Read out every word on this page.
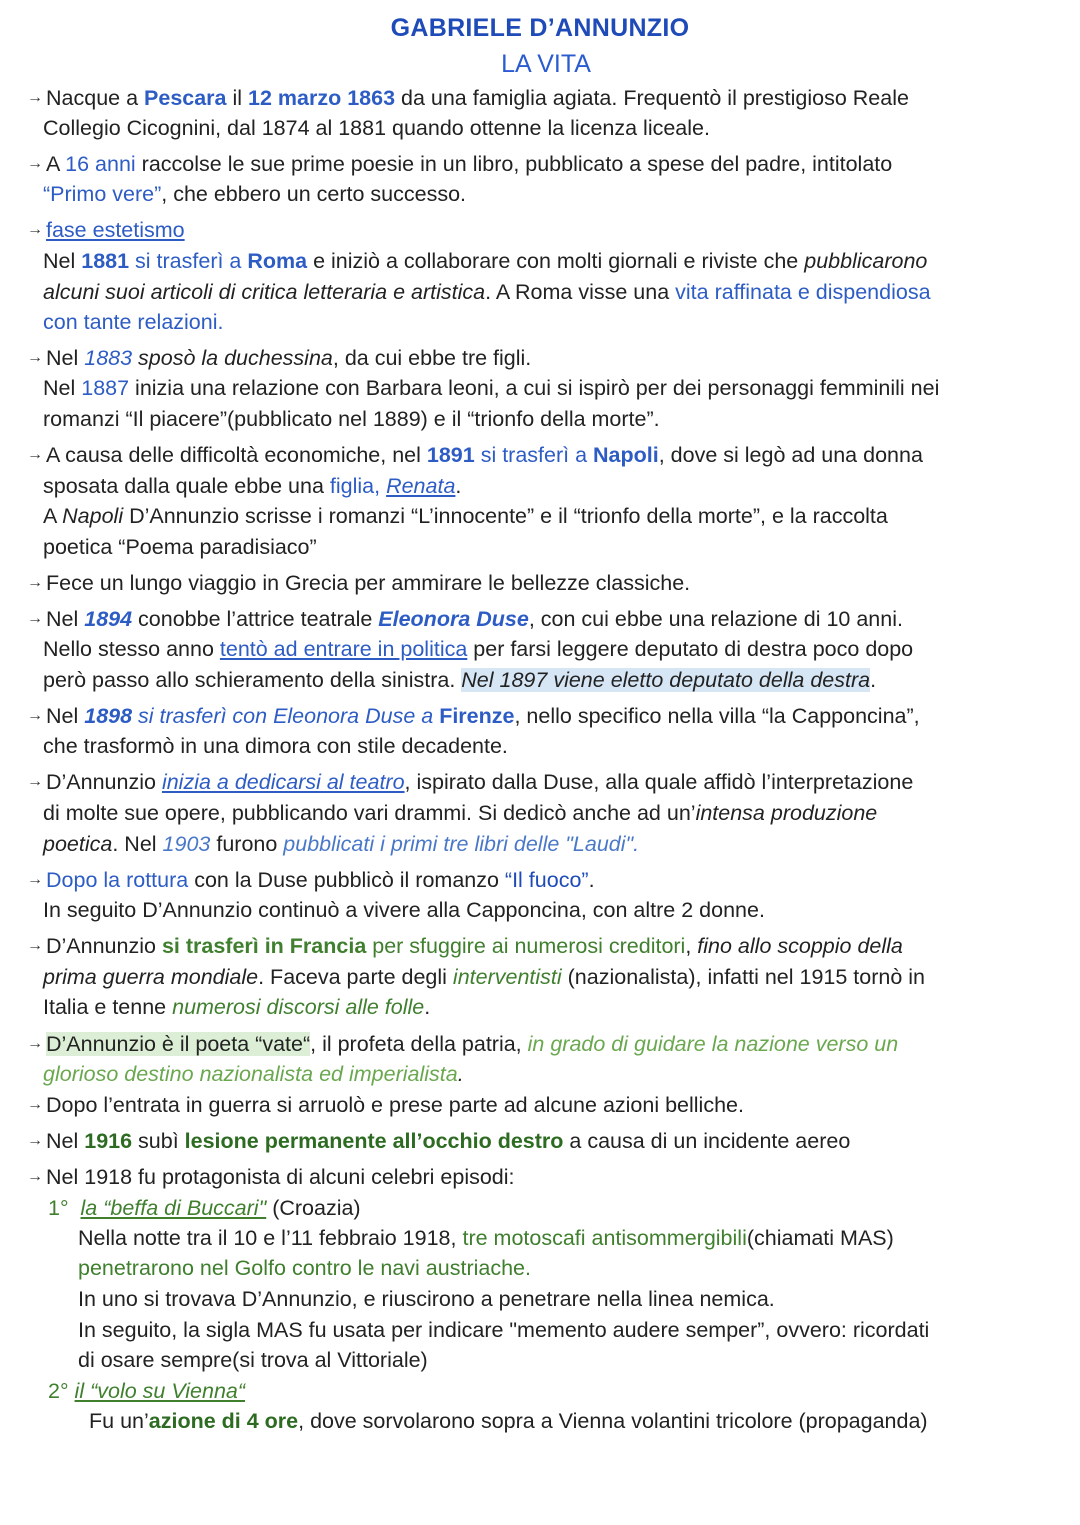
GABRIELE D’ANNUNZIO
LA VITA
→ Nacque a Pescara il 12 marzo 1863 da una famiglia agiata. Frequentò il prestigioso Reale
Collegio Cicognini, dal 1874 al 1881 quando ottenne la licenza liceale.
→ A 16 anni raccolse le sue prime poesie in un libro, pubblicato a spese del padre, intitolato
“Primo vere”, che ebbero un certo successo.
→ fase estetismo
Nel 1881 si trasferì a Roma e iniziò a collaborare con molti giornali e riviste che pubblicarono
alcuni suoi articoli di critica letteraria e artistica. A Roma visse una vita raffinata e dispendiosa
con tante relazioni.
→ Nel 1883 sposò la duchessina, da cui ebbe tre figli.
Nel 1887 inizia una relazione con Barbara leoni, a cui si ispirò per dei personaggi femminili nei
romanzi “Il piacere”(pubblicato nel 1889) e il “trionfo della morte”.
→ A causa delle difficoltà economiche, nel 1891 si trasferì a Napoli, dove si legò ad una donna
sposata dalla quale ebbe una figlia, Renata.
A Napoli D’Annunzio scrisse i romanzi “L’innocente” e il “trionfo della morte”, e la raccolta
poetica “Poema paradisiaco”
→ Fece un lungo viaggio in Grecia per ammirare le bellezze classiche.
→ Nel 1894 conobbe l’attrice teatrale Eleonora Duse, con cui ebbe una relazione di 10 anni.
Nello stesso anno tentò ad entrare in politica per farsi leggere deputato di destra poco dopo
però passo allo schieramento della sinistra. Nel 1897 viene eletto deputato della destra.
→ Nel 1898 si trasferì con Eleonora Duse a Firenze, nello specifico nella villa “la Capponcina”,
che trasformò in una dimora con stile decadente.
→ D’Annunzio inizia a dedicarsi al teatro, ispirato dalla Duse, alla quale affidò l’interpretazione
di molte sue opere, pubblicando vari drammi. Si dedicò anche ad un’intensa produzione
poetica. Nel 1903 furono pubblicati i primi tre libri delle "Laudi".
→ Dopo la rottura con la Duse pubblicò il romanzo “Il fuoco”.
In seguito D’Annunzio continuò a vivere alla Capponcina, con altre 2 donne.
→ D’Annunzio si trasferì in Francia per sfuggire ai numerosi creditori, fino allo scoppio della
prima guerra mondiale. Faceva parte degli interventisti (nazionalista), infatti nel 1915 tornò in
Italia e tenne numerosi discorsi alle folle.
→ D’Annunzio è il poeta “vate“, il profeta della patria, in grado di guidare la nazione verso un
glorioso destino nazionalista ed imperialista.
→ Dopo l’entrata in guerra si arruolò e prese parte ad alcune azioni belliche.
→ Nel 1916 subì lesione permanente all’occhio destro a causa di un incidente aereo
→ Nel 1918 fu protagonista di alcuni celebri episodi:
1° la “beffa di Buccari" (Croazia)
Nella notte tra il 10 e l’11 febbraio 1918, tre motoscafi antisommergibili(chiamati MAS)
penetrarono nel Golfo contro le navi austriache.
In uno si trovava D’Annunzio, e riuscirono a penetrare nella linea nemica.
In seguito, la sigla MAS fu usata per indicare "memento audere semper”, ovvero: ricordati
di osare sempre(si trova al Vittoriale)
2° il “volo su Vienna“
Fu un’azione di 4 ore, dove sorvolarono sopra a Vienna volantini tricolore (propaganda)
